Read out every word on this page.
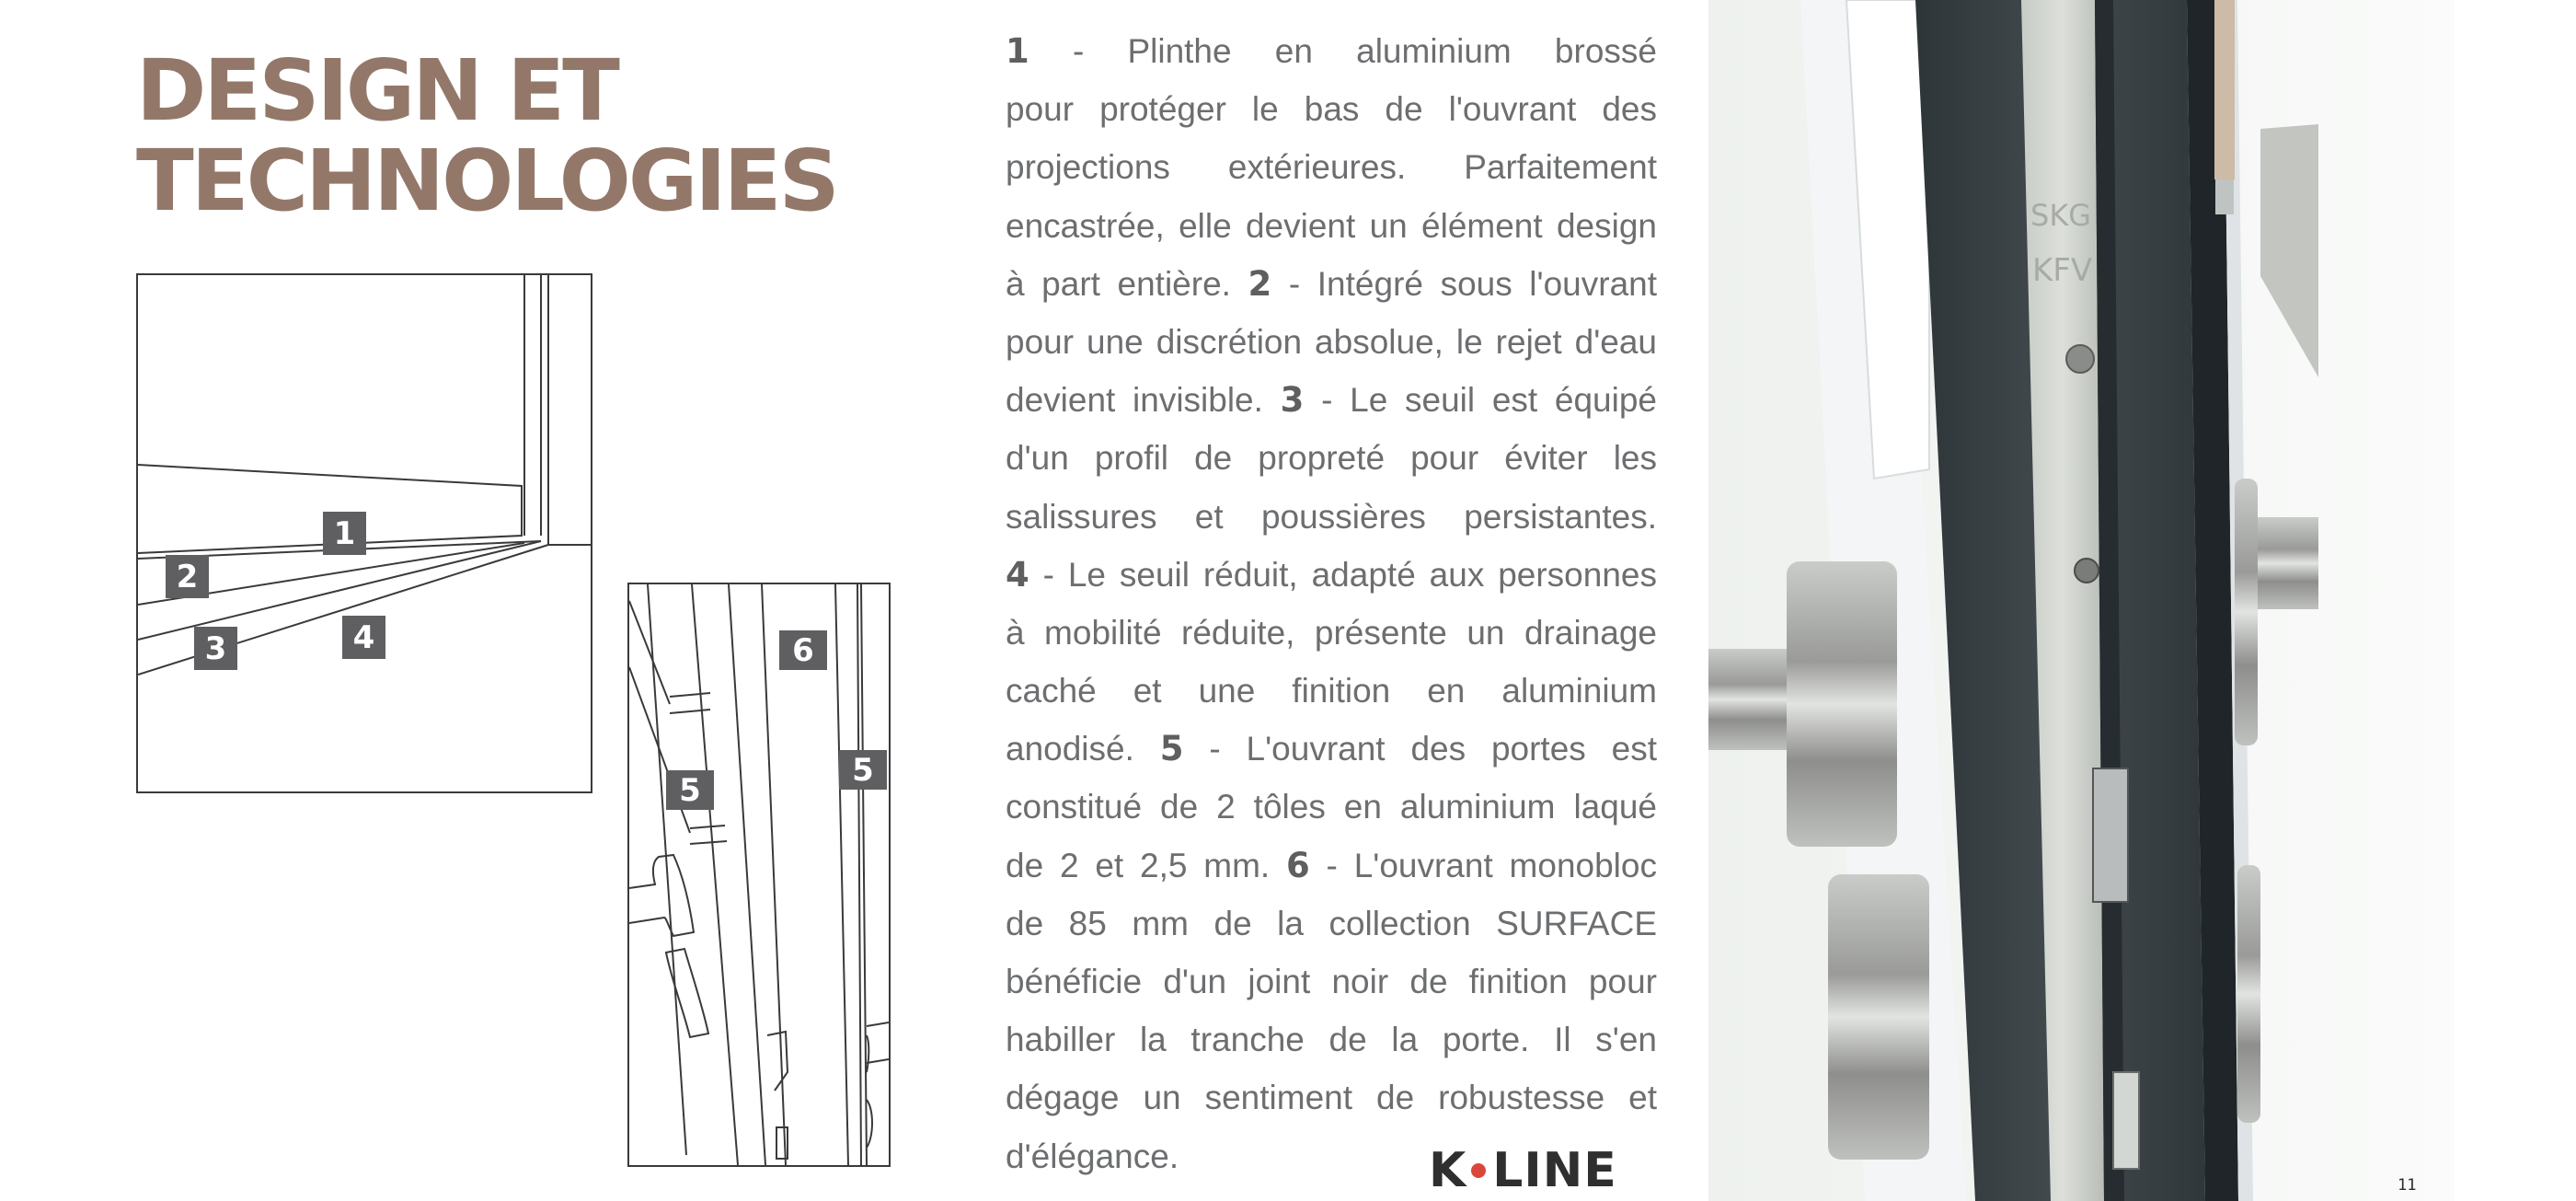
DESIGN ET
TECHNOLOGIES
1
2
3	4	6
5
5
1 - Plinthe en aluminium brossé
pour protéger le bas de l'ouvrant des
projections extérieures. Parfaitement
encastrée, elle devient un élément design
à part entière. 2 - Intégré sous l'ouvrant
pour une discrétion absolue, le rejet d'eau
devient invisible. 3 - Le seuil est équipé
d'un profil de propreté pour éviter les
salissures et poussières persistantes.
4 - Le seuil réduit, adapté aux personnes
à mobilité réduite, présente un drainage
caché et une finition en aluminium
anodisé. 5 - L'ouvrant des portes est
constitué de 2 tôles en aluminium laqué
de 2 et 2,5 mm. 6 - L'ouvrant monobloc
de 85 mm de la collection SURFACE
bénéficie d'un joint noir de finition pour
habiller la tranche de la porte. Il s'en
dégage un sentiment de robustesse et
d'élégance.	K LINE
SKG
KFV
11
